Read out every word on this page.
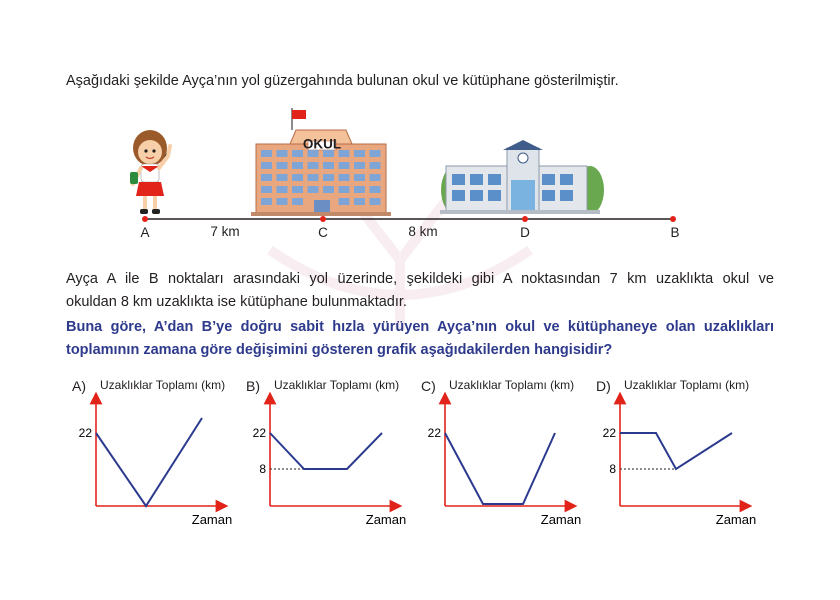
Aşağıdaki şekilde Ayça’nın yol güzergahında bulunan okul ve kütüphane gösterilmiştir.
OKUL
A	C	D	B
7 km	8 km
Ayça A ile B noktaları arasındaki yol üzerinde, şekildeki gibi A noktasından 7 km uzaklıkta okul ve
okuldan 8 km uzaklıkta ise kütüphane bulunmaktadır.
Buna göre, A’dan B’ye doğru sabit hızla yürüyen Ayça’nın okul ve kütüphaneye olan uzaklıkları
toplamının zamana göre değişimini gösteren grafik aşağıdakilerden hangisidir?
A) Uzaklıklar Toplamı (km)
22
Zaman
B) Uzaklıklar Toplamı (km)
22
8
Zaman
C) Uzaklıklar Toplamı (km)
22
Zaman
D) Uzaklıklar Toplamı (km)
22
8
Zaman
